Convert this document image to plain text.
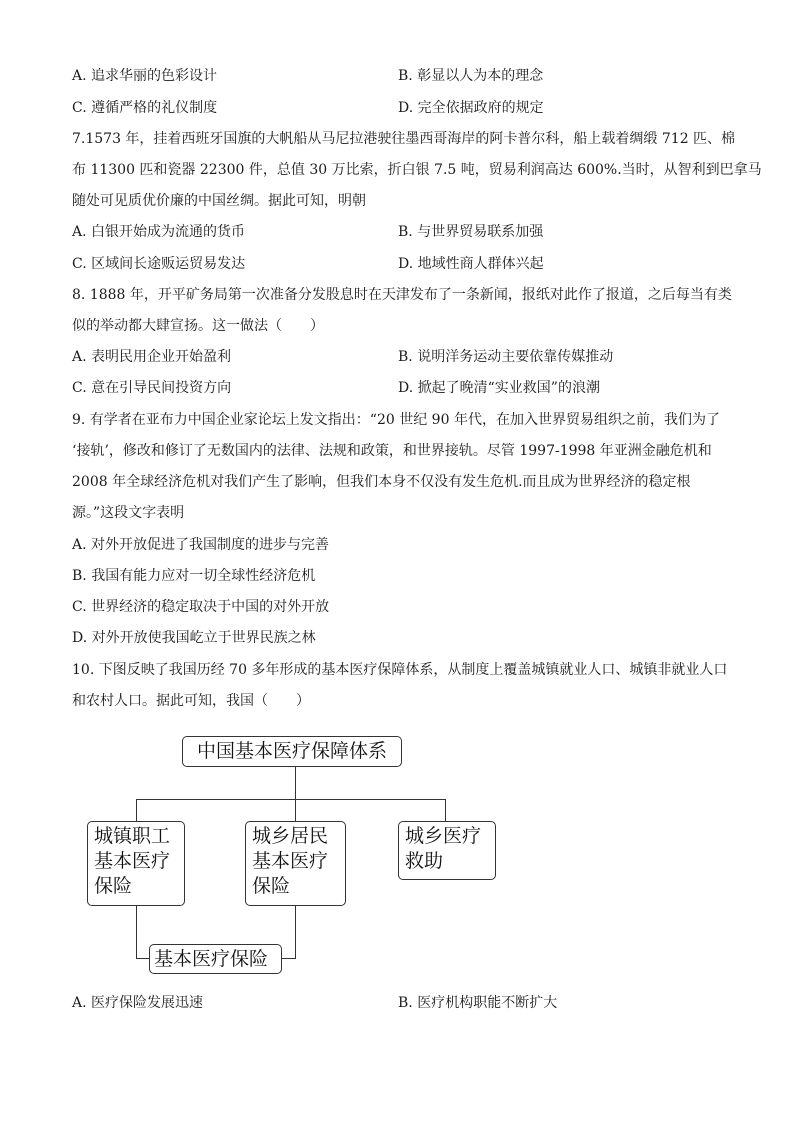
A. 追求华丽的色彩设计	B. 彰显以人为本的理念
C. 遵循严格的礼仪制度	D. 完全依据政府的规定
7.1573 年，挂着西班牙国旗的大帆船从马尼拉港驶往墨西哥海岸的阿卡普尔科，船上载着绸缎 712 匹、棉
布 11300 匹和瓷器 22300 件，总值 30 万比索，折白银 7.5 吨，贸易利润高达 600%.当时，从智利到巴拿马
随处可见质优价廉的中国丝绸。据此可知，明朝
A. 白银开始成为流通的货币	B. 与世界贸易联系加强
C. 区域间长途贩运贸易发达	D. 地域性商人群体兴起
8. 1888 年，开平矿务局第一次准备分发股息时在天津发布了一条新闻，报纸对此作了报道，之后每当有类
似的举动都大肆宣扬。这一做法（　　）
A. 表明民用企业开始盈利	B. 说明洋务运动主要依靠传媒推动
C. 意在引导民间投资方向	D. 掀起了晚清“实业救国”的浪潮
9. 有学者在亚布力中国企业家论坛上发文指出：“20 世纪 90 年代，在加入世界贸易组织之前，我们为了
‘接轨’，修改和修订了无数国内的法律、法规和政策，和世界接轨。尽管 1997-1998 年亚洲金融危机和
2008 年全球经济危机对我们产生了影响，但我们本身不仅没有发生危机.而且成为世界经济的稳定根
源。”这段文字表明
A. 对外开放促进了我国制度的进步与完善
B. 我国有能力应对一切全球性经济危机
C. 世界经济的稳定取决于中国的对外开放
D. 对外开放使我国屹立于世界民族之林
10. 下图反映了我国历经 70 多年形成的基本医疗保障体系，从制度上覆盖城镇就业人口、城镇非就业人口
和农村人口。据此可知，我国（　　）
中国基本医疗保障体系
城镇职工
基本医疗
保险
城乡居民
基本医疗
保险
城乡医疗
救助
基本医疗保险
A. 医疗保险发展迅速	B. 医疗机构职能不断扩大
